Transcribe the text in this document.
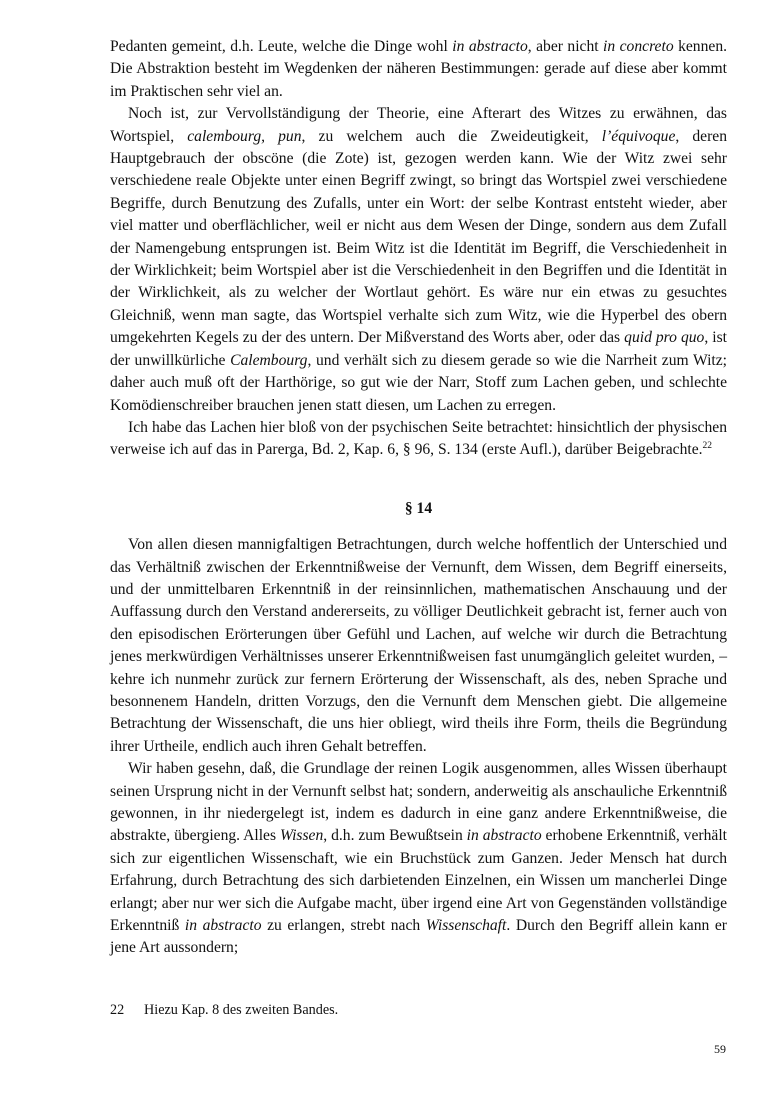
Pedanten gemeint, d.h. Leute, welche die Dinge wohl in abstracto, aber nicht in concreto kennen. Die Abstraktion besteht im Wegdenken der näheren Bestimmungen: gerade auf diese aber kommt im Praktischen sehr viel an.

Noch ist, zur Vervollständigung der Theorie, eine Afterart des Witzes zu erwähnen, das Wortspiel, calembourg, pun, zu welchem auch die Zweideutigkeit, l’équivoque, deren Hauptgebrauch der obscöne (die Zote) ist, gezogen werden kann. Wie der Witz zwei sehr verschiedene reale Objekte unter einen Begriff zwingt, so bringt das Wortspiel zwei verschiedene Begriffe, durch Benutzung des Zufalls, unter ein Wort: der selbe Kontrast entsteht wieder, aber viel matter und oberflächlicher, weil er nicht aus dem Wesen der Dinge, sondern aus dem Zufall der Namengebung entsprungen ist. Beim Witz ist die Identität im Begriff, die Verschiedenheit in der Wirklichkeit; beim Wortspiel aber ist die Verschiedenheit in den Begriffen und die Identität in der Wirklichkeit, als zu welcher der Wortlaut gehört. Es wäre nur ein etwas zu gesuchtes Gleichniß, wenn man sagte, das Wortspiel verhalte sich zum Witz, wie die Hyperbel des obern umgekehrten Kegels zu der des untern. Der Mißverstand des Worts aber, oder das quid pro quo, ist der unwillkürliche Calembourg, und verhält sich zu diesem gerade so wie die Narrheit zum Witz; daher auch muß oft der Harthörige, so gut wie der Narr, Stoff zum Lachen geben, und schlechte Komödienschreiber brauchen jenen statt diesen, um Lachen zu erregen.

Ich habe das Lachen hier bloß von der psychischen Seite betrachtet: hinsichtlich der physischen verweise ich auf das in Parerga, Bd. 2, Kap. 6, § 96, S. 134 (erste Aufl.), darüber Beigebrachte.$^{22}$

§ 14

Von allen diesen mannigfaltigen Betrachtungen, durch welche hoffentlich der Unterschied und das Verhältniß zwischen der Erkenntnißweise der Vernunft, dem Wissen, dem Begriff einerseits, und der unmittelbaren Erkenntniß in der reinsinnlichen, mathematischen Anschauung und der Auffassung durch den Verstand andererseits, zu völliger Deutlichkeit gebracht ist, ferner auch von den episodischen Erörterungen über Gefühl und Lachen, auf welche wir durch die Betrachtung jenes merkwürdigen Verhältnisses unserer Erkenntnißweisen fast unumgänglich geleitet wurden, – kehre ich nunmehr zurück zur fernern Erörterung der Wissenschaft, als des, neben Sprache und besonnenem Handeln, dritten Vorzugs, den die Vernunft dem Menschen giebt. Die allgemeine Betrachtung der Wissenschaft, die uns hier obliegt, wird theils ihre Form, theils die Begründung ihrer Urtheile, endlich auch ihren Gehalt betreffen.

Wir haben gesehn, daß, die Grundlage der reinen Logik ausgenommen, alles Wissen überhaupt seinen Ursprung nicht in der Vernunft selbst hat; sondern, anderweitig als anschauliche Erkenntniß gewonnen, in ihr niedergelegt ist, indem es dadurch in eine ganz andere Erkenntnißweise, die abstrakte, übergieng. Alles Wissen, d.h. zum Bewußtsein in abstracto erhobene Erkenntniß, verhält sich zur eigentlichen Wissenschaft, wie ein Bruchstück zum Ganzen. Jeder Mensch hat durch Erfahrung, durch Betrachtung des sich darbietenden Einzelnen, ein Wissen um mancherlei Dinge erlangt; aber nur wer sich die Aufgabe macht, über irgend eine Art von Gegenständen vollständige Erkenntniß in abstracto zu erlangen, strebt nach Wissenschaft. Durch den Begriff allein kann er jene Art aussondern;

22 Hiezu Kap. 8 des zweiten Bandes.
59
